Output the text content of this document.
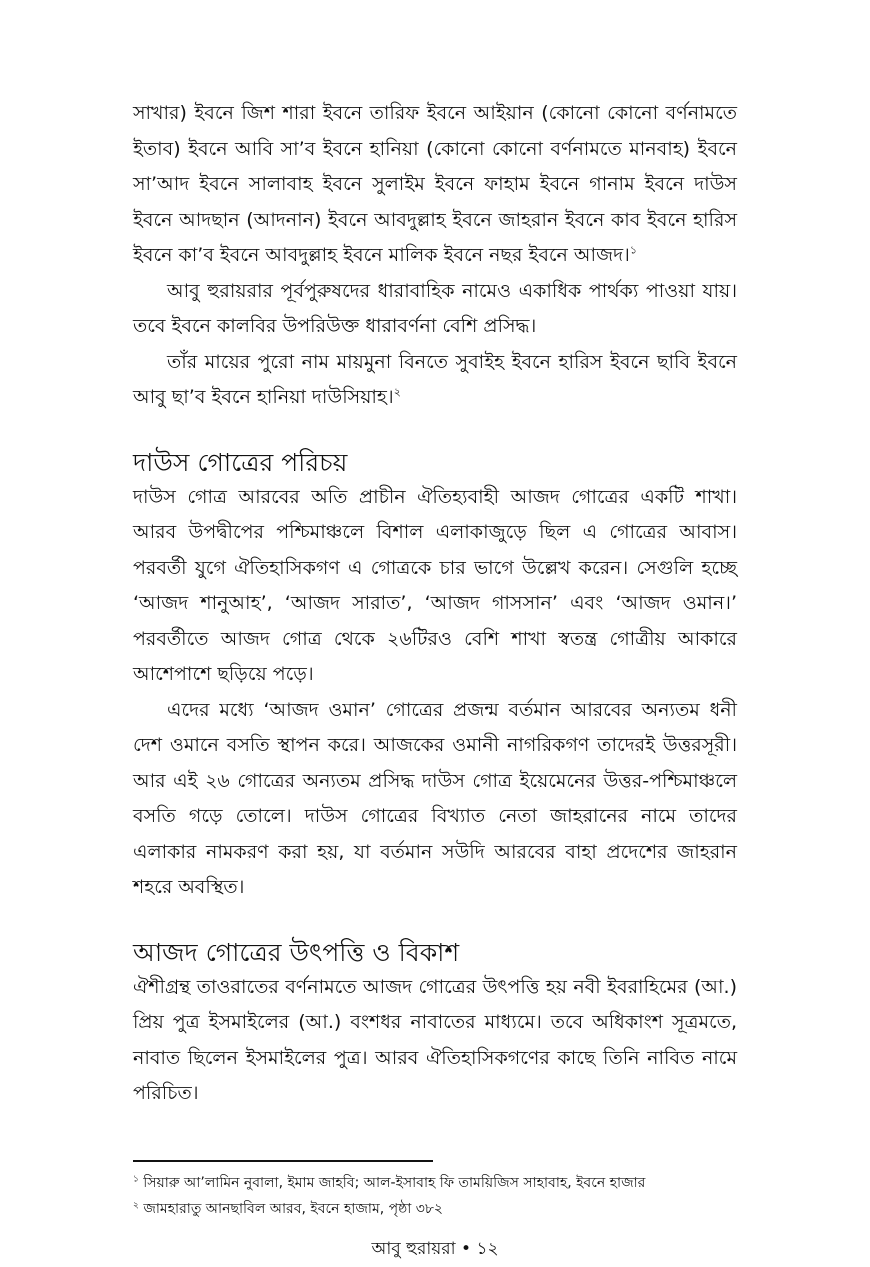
সাখার) ইবনে জিশ শারা ইবনে তারিফ ইবনে আইয়ান (কোনো কোনো বর্ণনামতে ইতাব) ইবনে আবি সা’ব ইবনে হানিয়া (কোনো কোনো বর্ণনামতে মানবাহ) ইবনে সা’আদ ইবনে সালাবাহ ইবনে সুলাইম ইবনে ফাহাম ইবনে গানাম ইবনে দাউস ইবনে আদছান (আদনান) ইবনে আবদুল্লাহ ইবনে জাহরান ইবনে কাব ইবনে হারিস ইবনে কা’ব ইবনে আবদুল্লাহ ইবনে মালিক ইবনে নছর ইবনে আজদ।$^১$

আবু হুরায়রার পূর্বপুরুষদের ধারাবাহিক নামেও একাধিক পার্থক্য পাওয়া যায়। তবে ইবনে কালবির উপরিউক্ত ধারাবর্ণনা বেশি প্রসিদ্ধ।

তাঁর মায়ের পুরো নাম মায়মুনা বিনতে সুবাইহ ইবনে হারিস ইবনে ছাবি ইবনে আবু ছা’ব ইবনে হানিয়া দাউসিয়াহ।$^২$

দাউস গোত্রের পরিচয়

দাউস গোত্র আরবের অতি প্রাচীন ঐতিহ্যবাহী আজদ গোত্রের একটি শাখা। আরব উপদ্বীপের পশ্চিমাঞ্চলে বিশাল এলাকাজুড়ে ছিল এ গোত্রের আবাস। পরবর্তী যুগে ঐতিহাসিকগণ এ গোত্রকে চার ভাগে উল্লেখ করেন। সেগুলি হচ্ছে ‘আজদ শানুআহ’, ‘আজদ সারাত’, ‘আজদ গাসসান’ এবং ‘আজদ ওমান।’ পরবর্তীতে আজদ গোত্র থেকে ২৬টিরও বেশি শাখা স্বতন্ত্র গোত্রীয় আকারে আশেপাশে ছড়িয়ে পড়ে।

এদের মধ্যে ‘আজদ ওমান’ গোত্রের প্রজন্ম বর্তমান আরবের অন্যতম ধনী দেশ ওমানে বসতি স্থাপন করে। আজকের ওমানী নাগরিকগণ তাদেরই উত্তরসূরী। আর এই ২৬ গোত্রের অন্যতম প্রসিদ্ধ দাউস গোত্র ইয়েমেনের উত্তর-পশ্চিমাঞ্চলে বসতি গড়ে তোলে। দাউস গোত্রের বিখ্যাত নেতা জাহরানের নামে তাদের এলাকার নামকরণ করা হয়, যা বর্তমান সউদি আরবের বাহা প্রদেশের জাহরান শহরে অবস্থিত।

আজদ গোত্রের উৎপত্তি ও বিকাশ

ঐশীগ্রন্থ তাওরাতের বর্ণনামতে আজদ গোত্রের উৎপত্তি হয় নবী ইবরাহিমের (আ.) প্রিয় পুত্র ইসমাইলের (আ.) বংশধর নাবাতের মাধ্যমে। তবে অধিকাংশ সূত্রমতে, নাবাত ছিলেন ইসমাইলের পুত্র। আরব ঐতিহাসিকগণের কাছে তিনি নাবিত নামে পরিচিত।

$^১$ সিয়ারু আ’লামিন নুবালা, ইমাম জাহবি; আল-ইসাবাহ ফি তাময়িজিস সাহাবাহ, ইবনে হাজার

$^২$ জামহারাতু আনছাবিল আরব, ইবনে হাজাম, পৃষ্ঠা ৩৮২

আবু হুরায়রা • ১২
